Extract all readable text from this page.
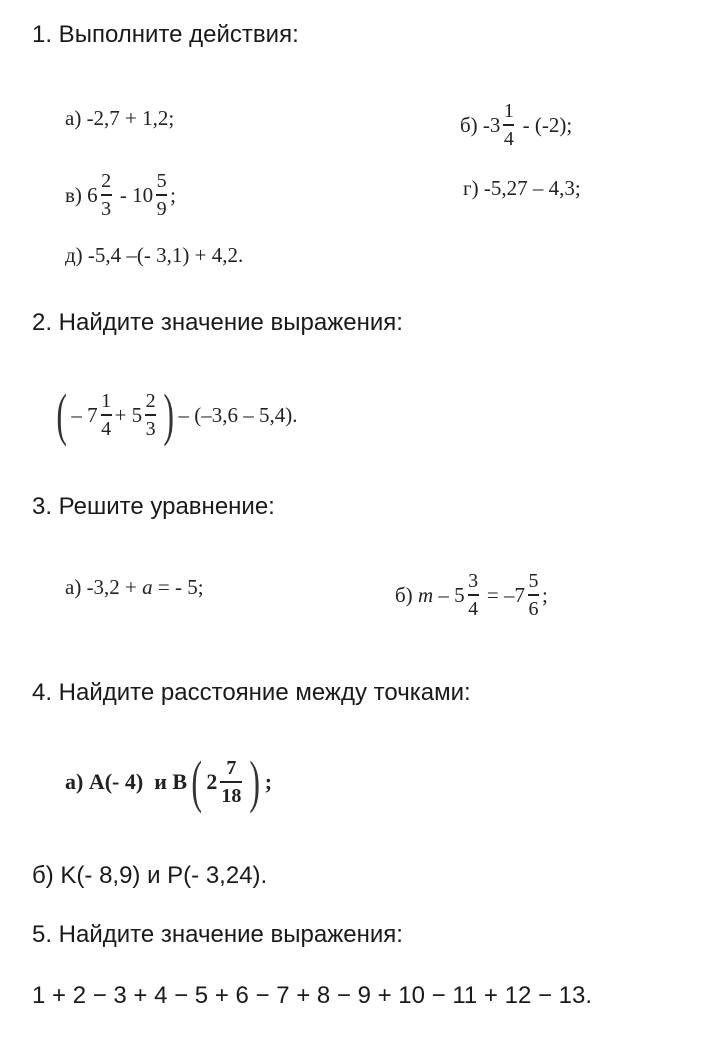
1. Выполните действия:
а) -2,7 + 1,2;	б) $-3 \frac{1}{4} - (-2)$;
в) $6 \frac{2}{3} - 10 \frac{5}{9}$ ;	г) -5,27 – 4,3;
д) -5,4 –(- 3,1) + 4,2.
2. Найдите значение выражения:
( – $7 \frac{1}{4} + 5 \frac{2}{3}$ ) – (–3,6 – 5,4).
3. Решите уравнение:
а) -3,2 + a = - 5;	б) $m - 5 \frac{3}{4} = -7 \frac{5}{6}$ ;
4. Найдите расстояние между точками:
а) А(- 4)  и В ( $2 \frac{7}{18}$ ) ;
б) K(- 8,9) и P(- 3,24).
5. Найдите значение выражения:
1 + 2 − 3 + 4 − 5 + 6 − 7 + 8 − 9 + 10 − 11 + 12 − 13.
